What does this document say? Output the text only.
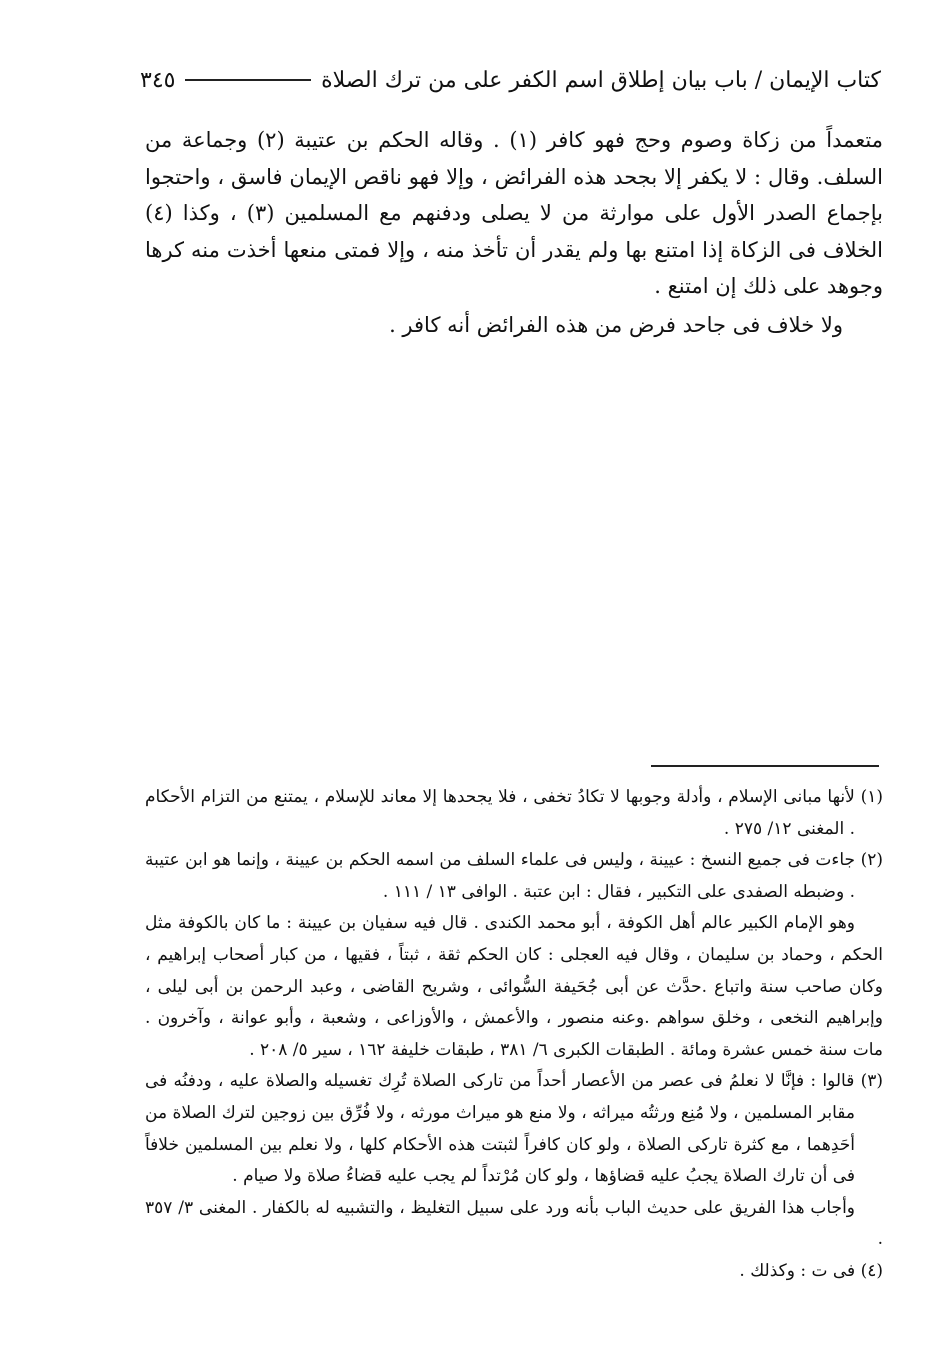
كتاب الإيمان / باب بيان إطلاق اسم الكفر على من ترك الصلاة
٣٤٥

متعمداً من زكاة وصوم وحج فهو كافر (١) . وقاله الحكم بن عتيبة (٢) وجماعة من السلف. وقال : لا يكفر إلا بجحد هذه الفرائض ، وإلا فهو ناقص الإيمان فاسق ، واحتجوا بإجماع الصدر الأول على موارثة من لا يصلى ودفنهم مع المسلمين (٣) ، وكذا (٤) الخلاف فى الزكاة إذا امتنع بها ولم يقدر أن تأخذ منه ، وإلا فمتى منعها أخذت منه كرها وجوهد على ذلك إن امتنع .

ولا خلاف فى جاحد فرض من هذه الفرائض أنه كافر .

(١) لأنها مبانى الإسلام ، وأدلة وجوبها لا تكادُ تخفى ، فلا يجحدها إلا معاند للإسلام ، يمتنع من التزام الأحكام . المغنى ١٢/ ٢٧٥ .

(٢) جاءت فى جميع النسخ : عيينة ، وليس فى علماء السلف من اسمه الحكم بن عيينة ، وإنما هو ابن عتيبة . وضبطه الصفدى على التكبير ، فقال : ابن عتبة . الوافى ١٣ / ١١١ .

وهو الإمام الكبير عالم أهل الكوفة ، أبو محمد الكندى . قال فيه سفيان بن عيينة : ما كان بالكوفة مثل الحكم ، وحماد بن سليمان ، وقال فيه العجلى : كان الحكم ثقة ، ثبتاً ، فقيها ، من كبار أصحاب إبراهيم ، وكان صاحب سنة واتباع .حدَّث عن أبى جُحَيفة السُّوائى ، وشريح القاضى ، وعبد الرحمن بن أبى ليلى ، وإبراهيم النخعى ، وخلق سواهم .وعنه منصور ، والأعمش ، والأوزاعى ، وشعبة ، وأبو عوانة ، وآخرون . مات سنة خمس عشرة ومائة . الطبقات الكبرى ٦/ ٣٨١ ، طبقات خليفة ١٦٢ ، سير ٥/ ٢٠٨ .

(٣) قالوا : فإنَّا لا نعلمُ فى عصر من الأعصار أحداً من تاركى الصلاة تُرِك تغسيله والصلاة عليه ، ودفنُه فى مقابر المسلمين ، ولا مُنِع ورثتُه ميراثه ، ولا منع هو ميراث مورثه ، ولا فُرِّق بين زوجين لترك الصلاة من أحَدِهما ، مع كثرة تاركى الصلاة ، ولو كان كافراً لثبتت هذه الأحكام كلها ، ولا نعلم بين المسلمين خلافاً فى أن تارك الصلاة يجبُ عليه قضاؤها ، ولو كان مُرْتداً لم يجب عليه قضاءُ صلاة ولا صيام .

وأجاب هذا الفريق على حديث الباب بأنه ورد على سبيل التغليظ ، والتشبيه له بالكفار . المغنى ٣/ ٣٥٧ .

(٤) فى ت : وكذلك .
